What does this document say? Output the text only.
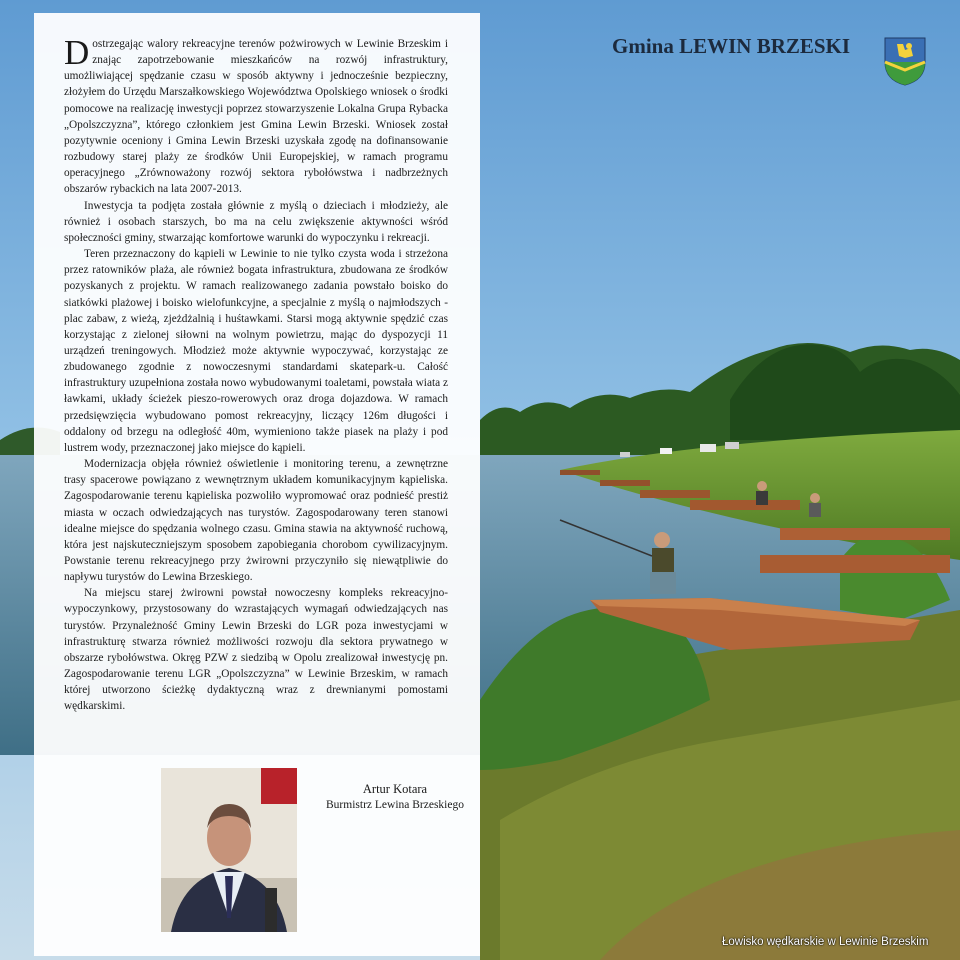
Dostrzegając walory rekreacyjne terenów pożwirowych w Lewinie Brzeskim i znając zapotrzebowanie mieszkańców na rozwój infrastruktury, umożliwiającej spędzanie czasu w sposób aktywny i jednocześnie bezpieczny, złożyłem do Urzędu Marszałkowskiego Województwa Opolskiego wniosek o środki pomocowe na realizację inwestycji poprzez stowarzyszenie Lokalna Grupa Rybacka „Opolszczyzna”, którego członkiem jest Gmina Lewin Brzeski. Wniosek został pozytywnie oceniony i Gmina Lewin Brzeski uzyskała zgodę na dofinansowanie rozbudowy starej plaży ze środków Unii Europejskiej, w ramach programu operacyjnego „Zrównoważony rozwój sektora rybołówstwa i nadbrzeżnych obszarów rybackich na lata 2007-2013.

Inwestycja ta podjęta została głównie z myślą o dzieciach i młodzieży, ale również i osobach starszych, bo ma na celu zwiększenie aktywności wśród społeczności gminy, stwarzając komfortowe warunki do wypoczynku i rekreacji.

Teren przeznaczony do kąpieli w Lewinie to nie tylko czysta woda i strzeżona przez ratowników plaża, ale również bogata infrastruktura, zbudowana ze środków pozyskanych z projektu. W ramach realizowanego zadania powstało boisko do siatkówki plażowej i boisko wielofunkcyjne, a specjalnie z myślą o najmłodszych - plac zabaw, z wieżą, zjeżdżalnią i huśtawkami. Starsi mogą aktywnie spędzić czas korzystając z zielonej siłowni na wolnym powietrzu, mając do dyspozycji 11 urządzeń treningowych. Młodzież może aktywnie wypoczywać, korzystając ze zbudowanego zgodnie z nowoczesnymi standardami skatepark-u. Całość infrastruktury uzupełniona została nowo wybudowanymi toaletami, powstała wiata z ławkami, układy ścieżek pieszo-rowerowych oraz droga dojazdowa. W ramach przedsięwzięcia wybudowano pomost rekreacyjny, liczący 126m długości i oddalony od brzegu na odległość 40m, wymieniono także piasek na plaży i pod lustrem wody, przeznaczonej jako miejsce do kąpieli.

Modernizacja objęła również oświetlenie i monitoring terenu, a zewnętrzne trasy spacerowe powiązano z wewnętrznym układem komunikacyjnym kąpieliska. Zagospodarowanie terenu kąpieliska pozwoliło wypromować oraz podnieść prestiż miasta w oczach odwiedzających nas turystów. Zagospodarowany teren stanowi idealne miejsce do spędzania wolnego czasu. Gmina stawia na aktywność ruchową, która jest najskuteczniejszym sposobem zapobiegania chorobom cywilizacyjnym. Powstanie terenu rekreacyjnego przy żwirowni przyczyniło się niewątpliwie do napływu turystów do Lewina Brzeskiego.

Na miejscu starej żwirowni powstał nowoczesny kompleks rekreacyjno-wypoczynkowy, przystosowany do wzrastających wymagań odwiedzających nas turystów. Przynależność Gminy Lewin Brzeski do LGR poza inwestycjami w infrastrukturę stwarza również możliwości rozwoju dla sektora prywatnego w obszarze rybołówstwa. Okręg PZW z siedzibą w Opolu zrealizował inwestycję pn. Zagospodarowanie terenu LGR „Opolszczyzna” w Lewinie Brzeskim, w ramach której utworzono ścieżkę dydaktyczną wraz z drewnianymi pomostami wędkarskimi.

Artur Kotara
Burmistrz Lewina Brzeskiego
Gmina LEWIN BRZESKI
Łowisko wędkarskie w Lewinie Brzeskim
